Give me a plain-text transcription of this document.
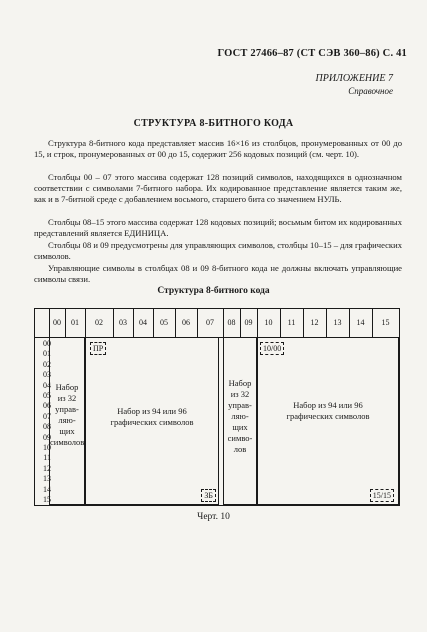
ГОСТ 27466–87 (СТ СЭВ 360–86) С. 41
ПРИЛОЖЕНИЕ 7
Справочное
СТРУКТУРА 8-БИТНОГО КОДА
Структура 8-битного кода представляет массив 16×16 из столбцов, пронумерованных от 00 до 15, и строк, пронумерованных от 00 до 15, содержит 256 кодовых позиций (см. черт. 10).
Столбцы 00 – 07 этого массива содержат 128 позиций символов, находящихся в однозначном соответствии с символами 7-битного набора. Их кодированное представление является таким же, как и в 7-битной среде с добавлением восьмого, старшего бита со значением НУЛЬ.
Столбцы 08–15 этого массива содержат 128 кодовых позиций; восьмым битом их кодированных представлений является ЕДИНИЦА.
Столбцы 08 и 09 предусмотрены для управляющих символов, столбцы 10–15 – для графических символов.
Управляющие символы в столбцах 08 и 09 8-битного кода не должны включать управляющие символы связи.
Структура 8-битного кода
00	01	02	03	04	05	06	07	08	09	10	11	12	13	14	15
00
01
02
03
04
05
06
07
08
09
10
11
12
13
14
15
Набор
из 32
управ-
ляю-
щих
символов
Набор из 94 или 96
графических символов
ПР
ЗБ
Набор
из 32
управ-
ляю-
щих
симво-
лов
Набор из 94 или 96
графических символов
10/00
15/15
Черт. 10
